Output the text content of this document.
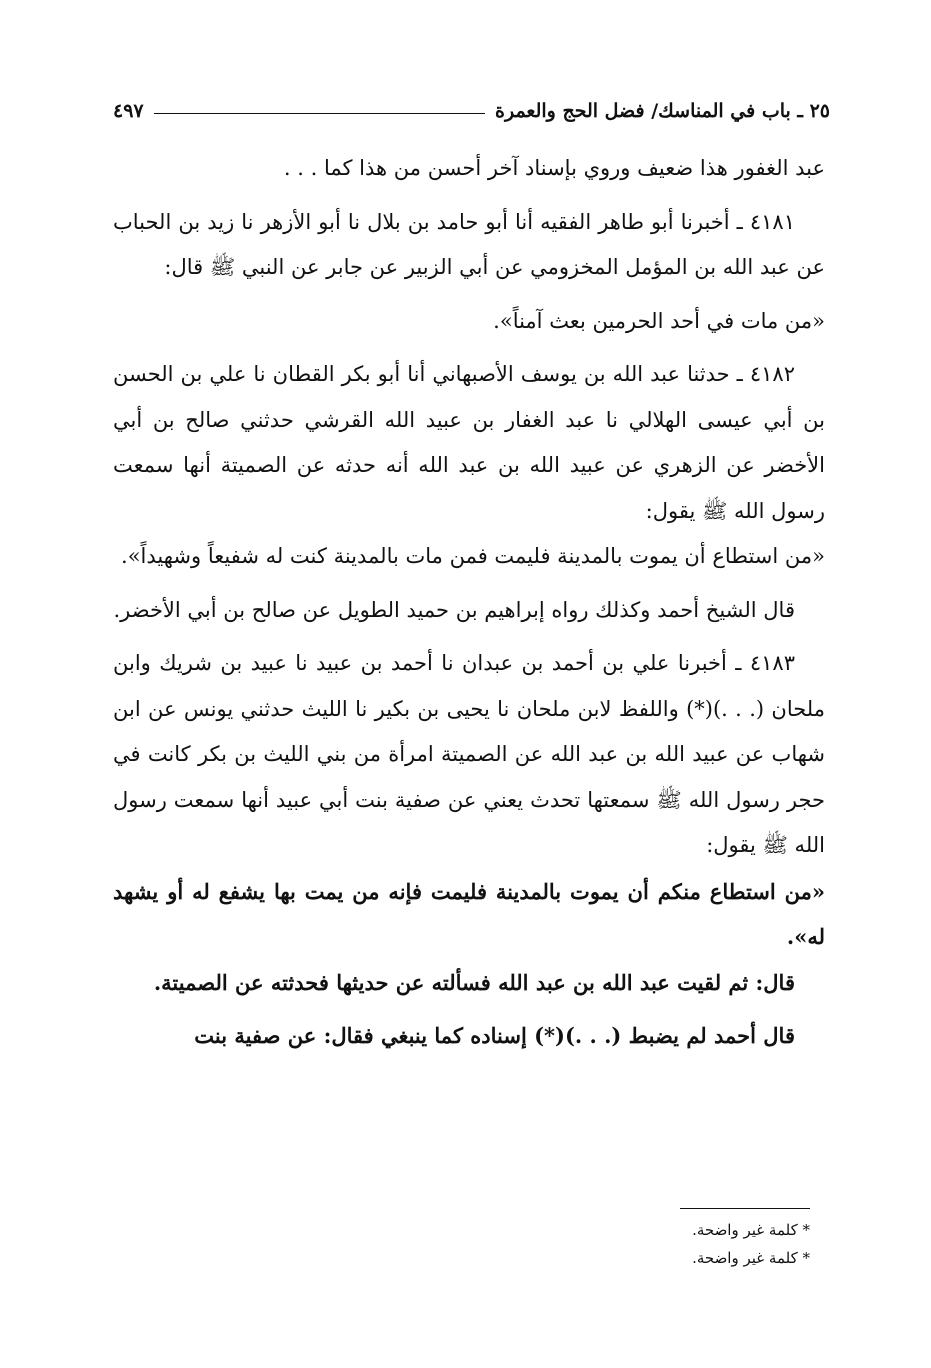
٢٥ ـ باب في المناسك/ فضل الحج والعمرة
٤٩٧

عبد الغفور هذا ضعيف وروي بإسناد آخر أحسن من هذا كما . . .

٤١٨١ ـ أخبرنا أبو طاهر الفقيه أنا أبو حامد بن بلال نا أبو الأزهر نا زيد بن الحباب عن عبد الله بن المؤمل المخزومي عن أبي الزبير عن جابر عن النبي ﷺ قال:

«من مات في أحد الحرمين بعث آمناً».

٤١٨٢ ـ حدثنا عبد الله بن يوسف الأصبهاني أنا أبو بكر القطان نا علي بن الحسن بن أبي عيسى الهلالي نا عبد الغفار بن عبيد الله القرشي حدثني صالح بن أبي الأخضر عن الزهري عن عبيد الله بن عبد الله أنه حدثه عن الصميتة أنها سمعت رسول الله ﷺ يقول:

«من استطاع أن يموت بالمدينة فليمت فمن مات بالمدينة كنت له شفيعاً وشهيداً».

قال الشيخ أحمد وكذلك رواه إبراهيم بن حميد الطويل عن صالح بن أبي الأخضر.

٤١٨٣ ـ أخبرنا علي بن أحمد بن عبدان نا أحمد بن عبيد نا عبيد بن شريك وابن ملحان (. . .)(*) واللفظ لابن ملحان نا يحيى بن بكير نا الليث حدثني يونس عن ابن شهاب عن عبيد الله بن عبد الله عن الصميتة امرأة من بني الليث بن بكر كانت في حجر رسول الله ﷺ سمعتها تحدث يعني عن صفية بنت أبي عبيد أنها سمعت رسول الله ﷺ يقول:

«من استطاع منكم أن يموت بالمدينة فليمت فإنه من يمت بها يشفع له أو يشهد له».

قال: ثم لقيت عبد الله بن عبد الله فسألته عن حديثها فحدثته عن الصميتة.

قال أحمد لم يضبط (. . .)(*) إسناده كما ينبغي فقال: عن صفية بنت

* كلمة غير واضحة.
* كلمة غير واضحة.
